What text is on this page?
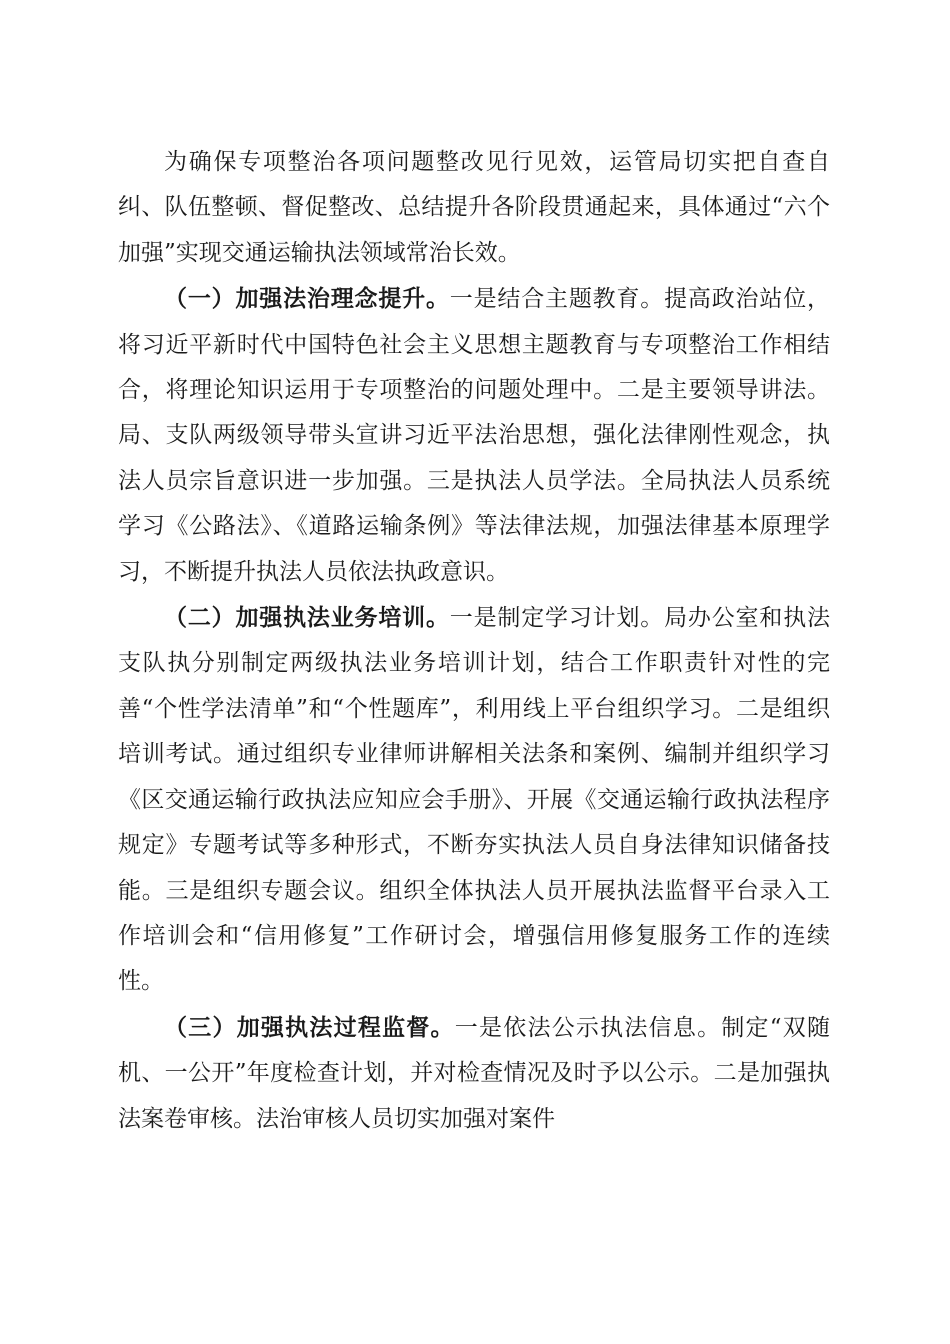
为确保专项整治各项问题整改见行见效，运管局切实把自查自纠、队伍整顿、督促整改、总结提升各阶段贯通起来，具体通过“六个加强”实现交通运输执法领域常治长效。

（一）加强法治理念提升。一是结合主题教育。提高政治站位，将习近平新时代中国特色社会主义思想主题教育与专项整治工作相结合，将理论知识运用于专项整治的问题处理中。二是主要领导讲法。局、支队两级领导带头宣讲习近平法治思想，强化法律刚性观念，执法人员宗旨意识进一步加强。三是执法人员学法。全局执法人员系统学习《公路法》、《道路运输条例》等法律法规，加强法律基本原理学习，不断提升执法人员依法执政意识。

（二）加强执法业务培训。一是制定学习计划。局办公室和执法支队执分别制定两级执法业务培训计划，结合工作职责针对性的完善“个性学法清单”和“个性题库”，利用线上平台组织学习。二是组织培训考试。通过组织专业律师讲解相关法条和案例、编制并组织学习《区交通运输行政执法应知应会手册》、开展《交通运输行政执法程序规定》专题考试等多种形式，不断夯实执法人员自身法律知识储备技能。三是组织专题会议。组织全体执法人员开展执法监督平台录入工作培训会和“信用修复”工作研讨会，增强信用修复服务工作的连续性。

（三）加强执法过程监督。一是依法公示执法信息。制定“双随机、一公开”年度检查计划，并对检查情况及时予以公示。二是加强执法案卷审核。法治审核人员切实加强对案件
